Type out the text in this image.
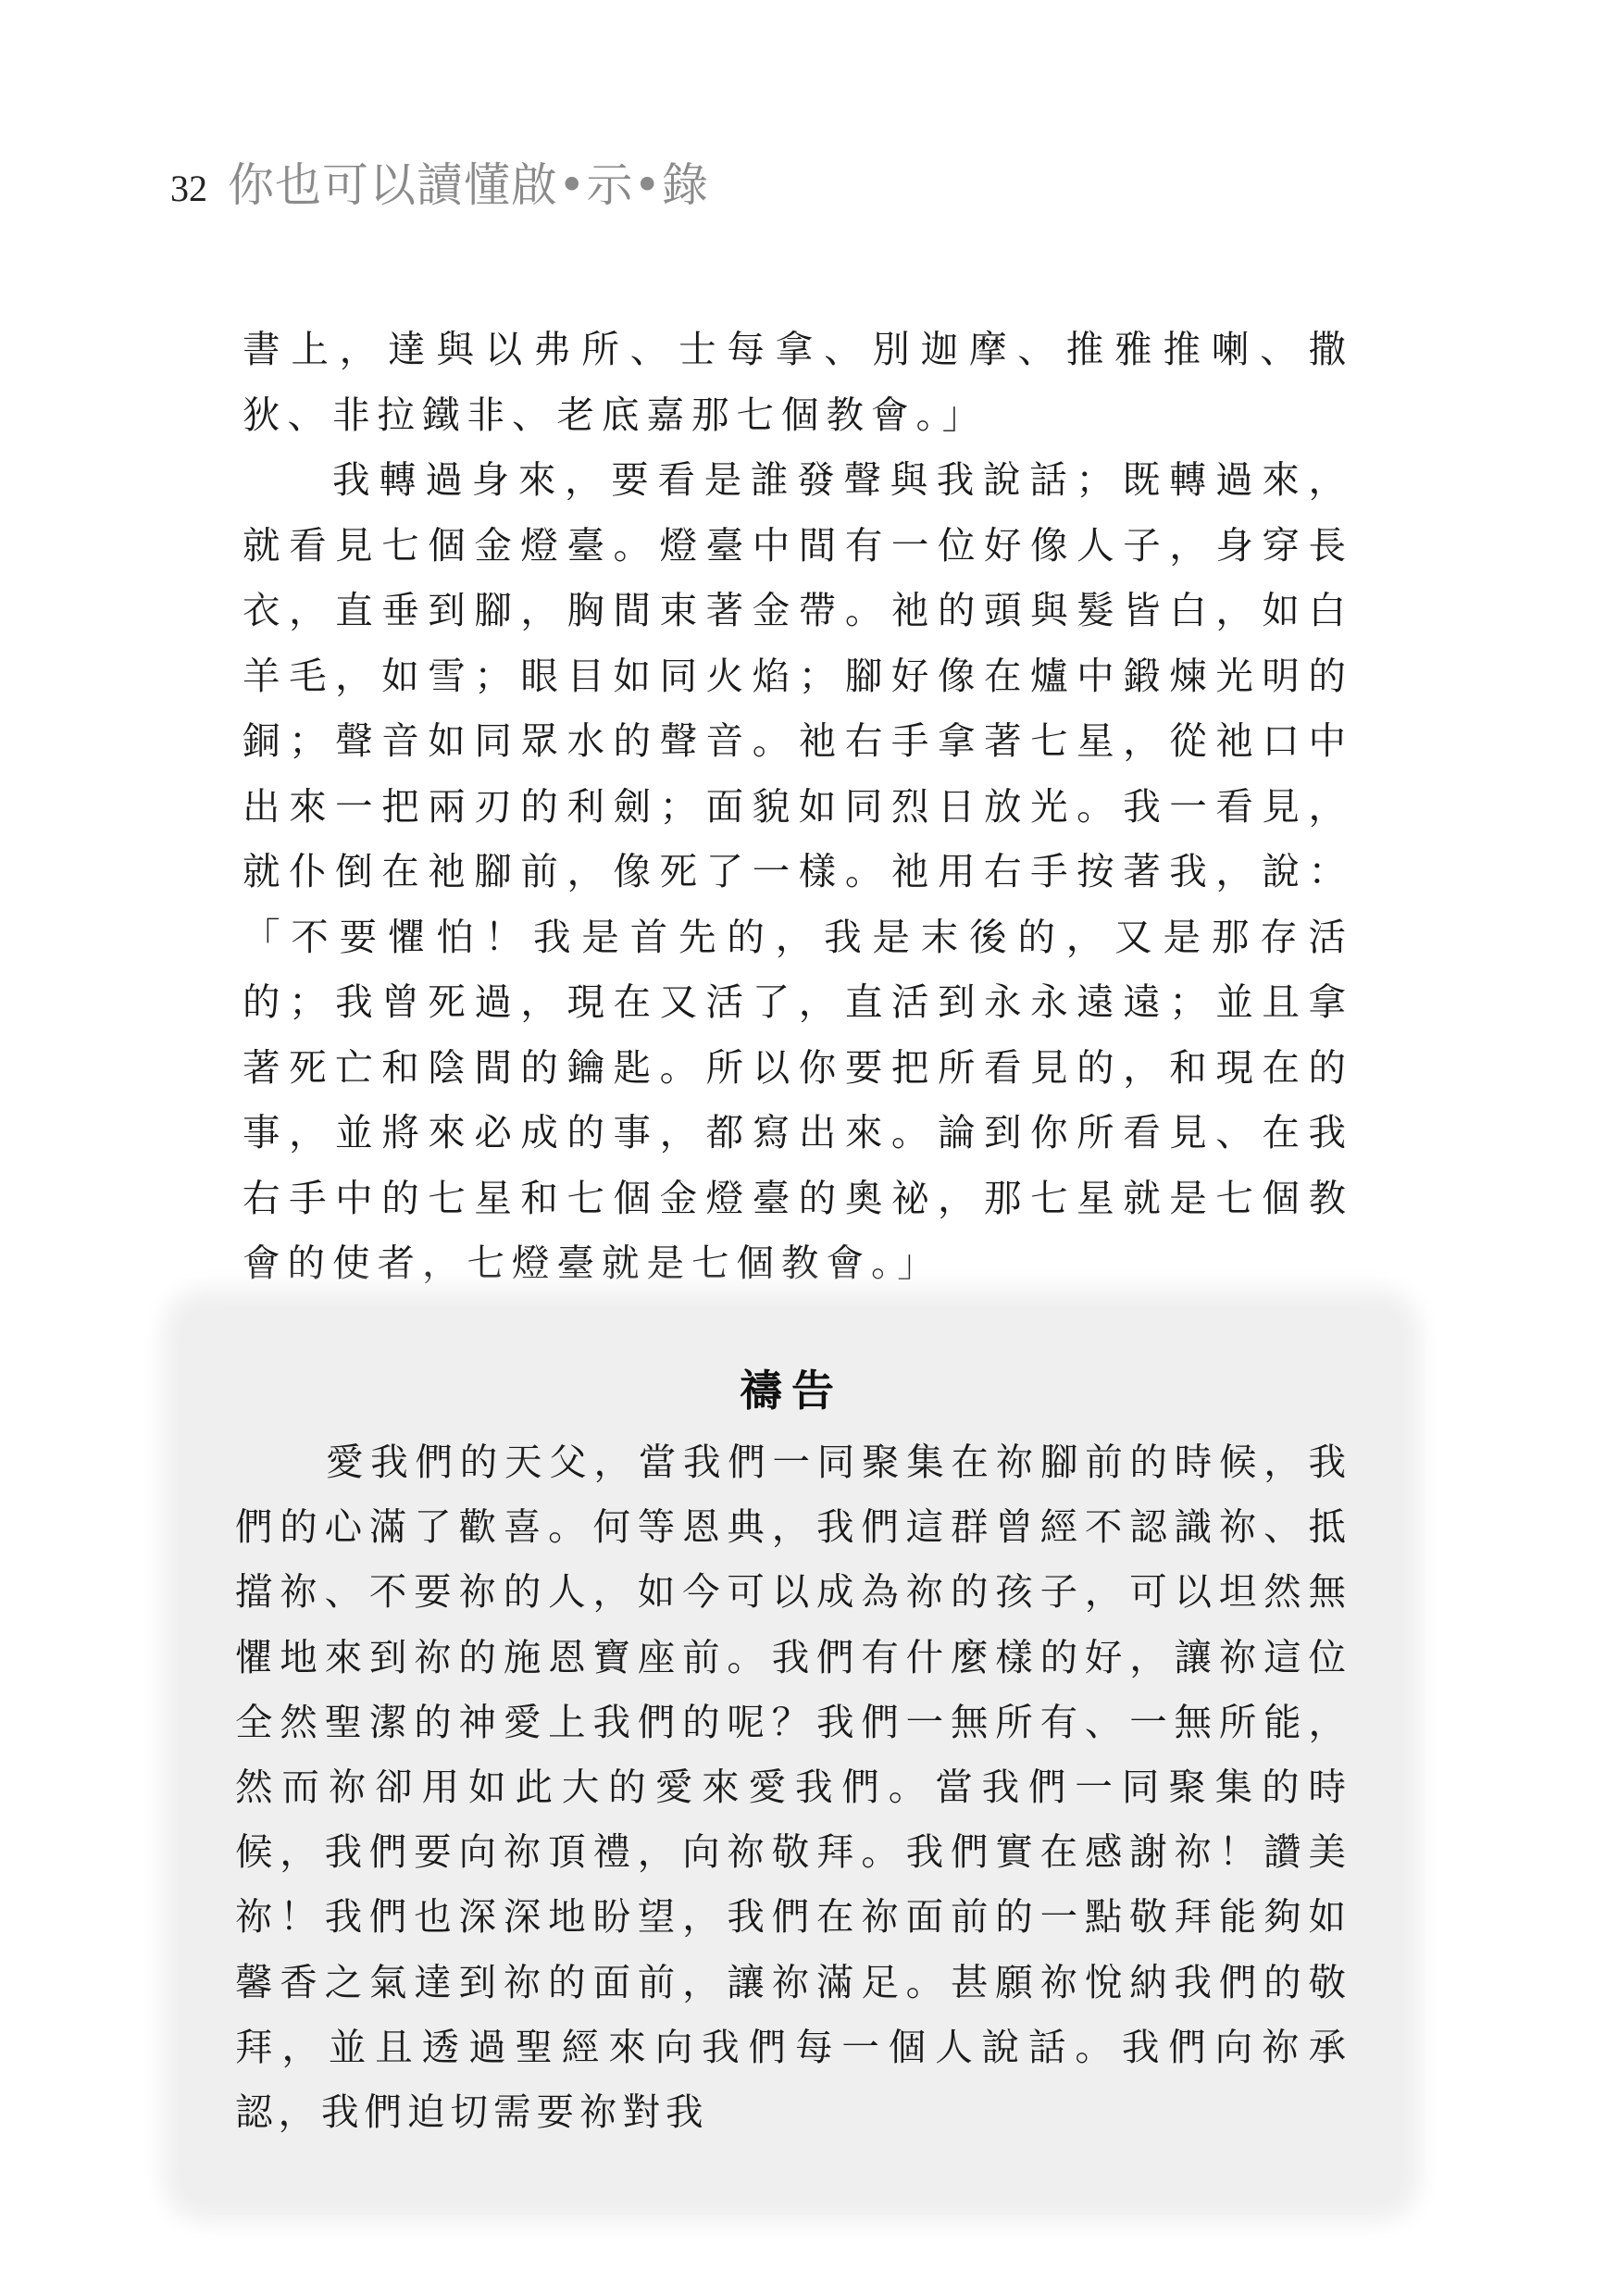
32 你也可以讀懂啟•示•錄

書上，達與以弗所、士每拿、別迦摩、推雅推喇、撒狄、非拉鐵非、老底嘉那七個教會。」

我轉過身來，要看是誰發聲與我說話；既轉過來，就看見七個金燈臺。燈臺中間有一位好像人子，身穿長衣，直垂到腳，胸間束著金帶。祂的頭與髮皆白，如白羊毛，如雪；眼目如同火焰；腳好像在爐中鍛煉光明的銅；聲音如同眾水的聲音。祂右手拿著七星，從祂口中出來一把兩刃的利劍；面貌如同烈日放光。我一看見，就仆倒在祂腳前，像死了一樣。祂用右手按著我，說：「不要懼怕！我是首先的，我是末後的，又是那存活的；我曾死過，現在又活了，直活到永永遠遠；並且拿著死亡和陰間的鑰匙。所以你要把所看見的，和現在的事，並將來必成的事，都寫出來。論到你所看見、在我右手中的七星和七個金燈臺的奧祕，那七星就是七個教會的使者，七燈臺就是七個教會。」

禱告

愛我們的天父，當我們一同聚集在祢腳前的時候，我們的心滿了歡喜。何等恩典，我們這群曾經不認識祢、抵擋祢、不要祢的人，如今可以成為祢的孩子，可以坦然無懼地來到祢的施恩寶座前。我們有什麼樣的好，讓祢這位全然聖潔的神愛上我們的呢？我們一無所有、一無所能，然而祢卻用如此大的愛來愛我們。當我們一同聚集的時候，我們要向祢頂禮，向祢敬拜。我們實在感謝祢！讚美祢！我們也深深地盼望，我們在祢面前的一點敬拜能夠如馨香之氣達到祢的面前，讓祢滿足。甚願祢悅納我們的敬拜，並且透過聖經來向我們每一個人說話。我們向祢承認，我們迫切需要祢對我
